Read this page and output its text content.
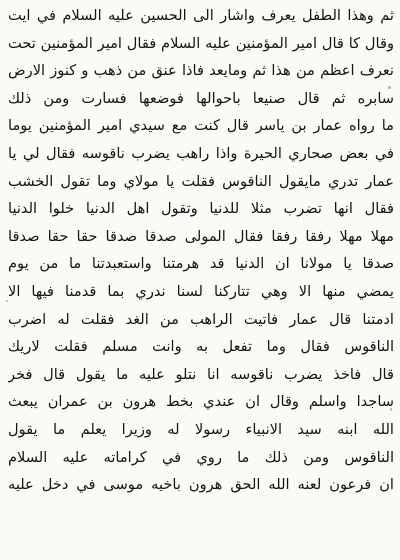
ثم وهذا الطفل يعرف واشار الى الحسين عليه السلام في ايت
وقال كا قال امير المؤمنين عليه السلام فقال امير المؤمنين تحت
نعرف اعظم من هذا ثم ومايعد فاذا عنق من ذهب و كنوز الارض
سابره ثم قال صنيعا باحوالها فوضعها فسارت ومن ذلك
ما رواه عمار بن ياسر قال كنت مع سيدي امير المؤمنين يوما
في بعض صحاري الحيرة واذا راهب يضرب ناقوسه فقال لي يا
عمار تدري مايقول الناقوس فقلت يا مولاي وما تقول الخشب
فقال انها تضرب مثلا للدنيا وتقول اهل الدنيا خلوا الدنيا
مهلا مهلا رفقا رفقا فقال المولى صدقا صدقا حقا حقا صدقا
صدقا يا مولانا ان الدنيا قد هرمتنا واستعبدتنا ما من يوم
يمضي منها الا وهي تتاركنا لسنا ندري بما قدمنا فيها الا
ادمتنا قال عمار فاتيت الراهب من الغد فقلت له اضرب
الناقوس فقال وما تفعل به وانت مسلم فقلت لاريك
قال فاخذ يضرب ناقوسه انا نتلو عليه ما يقول قال فخر
ساجدا واسلم وقال ان عندي بخط هرون بن عمران يبعث
الله ابنه سيد الانبياء رسولا له وزيرا يعلم ما يقول
الناقوس ومن ذلك ما روي في كراماته عليه السلام
ان فرعون لعنه الله الحق هرون باخيه موسى في دخل عليه
